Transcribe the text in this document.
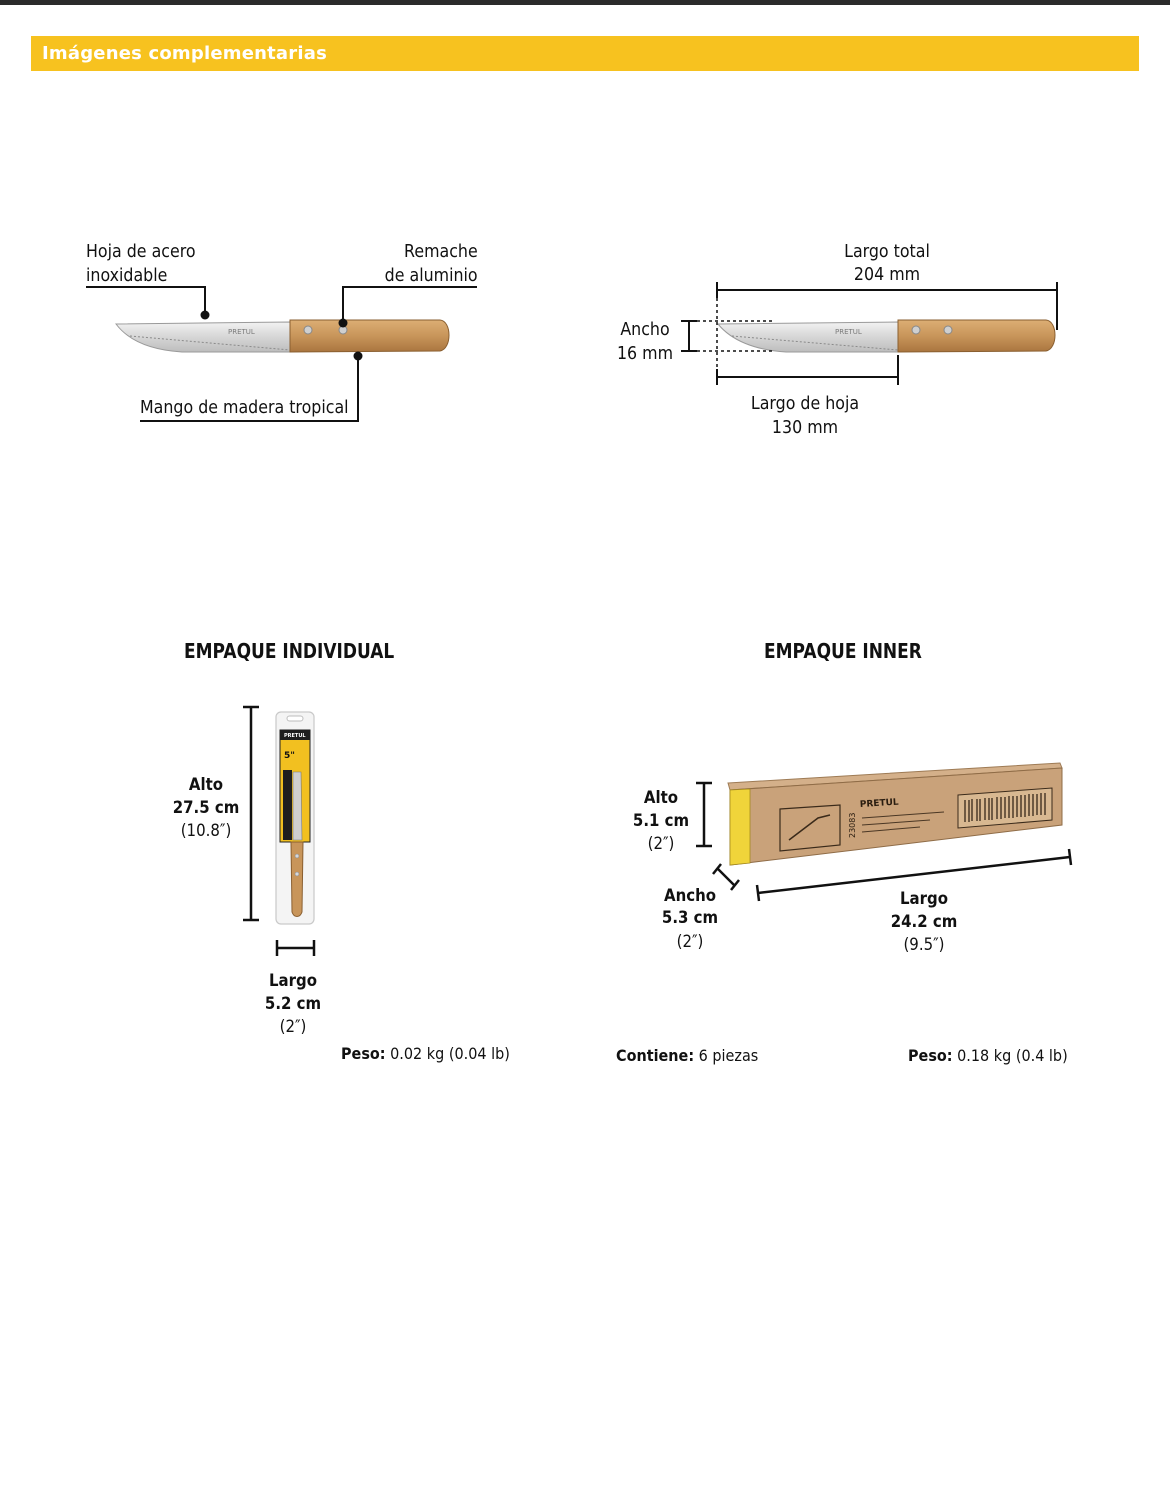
Imágenes complementarias
PRETUL	PRETUL
Hoja de acero
inoxidable
Remache
de aluminio
Mango de madera tropical
Largo total
204 mm
Ancho
16 mm
Largo de hoja
130 mm
EMPAQUE INDIVIDUAL	EMPAQUE INNER
PRETUL
5"
Alto
27.5 cm
(10.8″)
Largo
5.2 cm
(2″)
Peso: 0.02 kg (0.04 lb)
PRETUL
23083
Alto
5.1 cm
(2″)
Ancho
5.3 cm
(2″)
Largo
24.2 cm
(9.5″)
Contiene: 6 piezas	Peso: 0.18 kg (0.4 lb)
